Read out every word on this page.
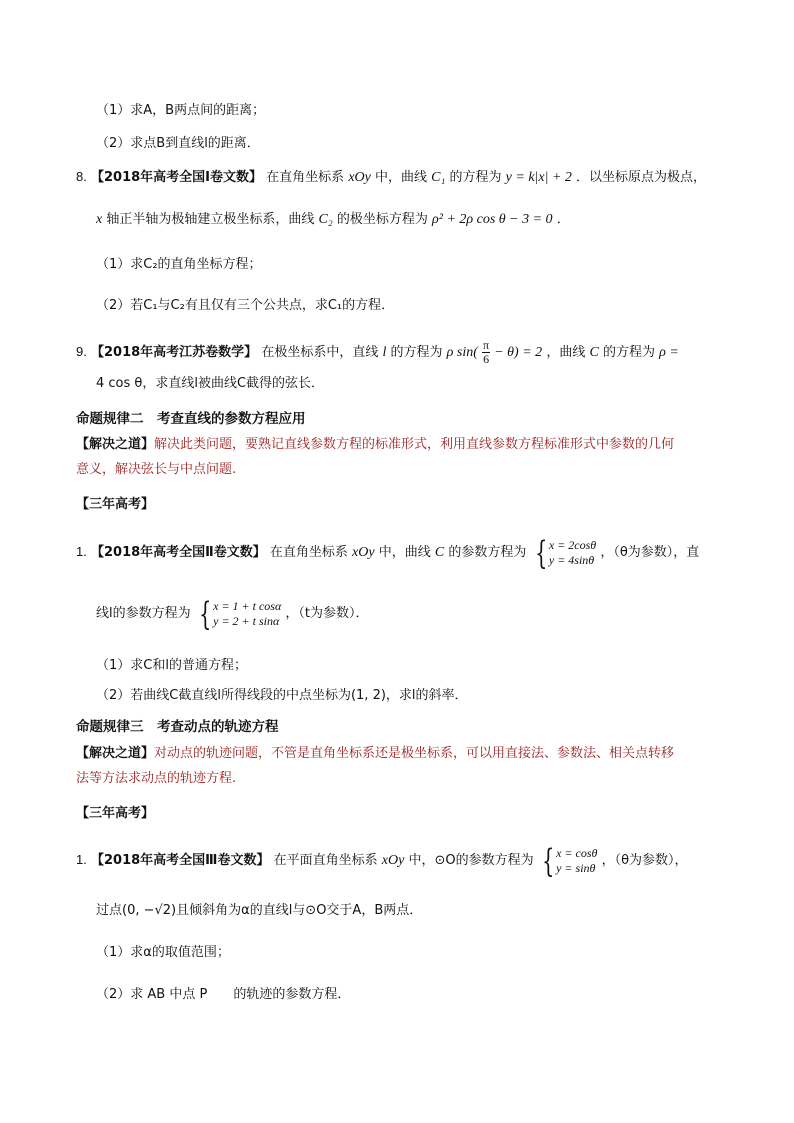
（1）求A，B两点间的距离；
（2）求点B到直线l的距离．
8. 【2018年高考全国Ⅰ卷文数】 在直角坐标系 xOy 中，曲线 C₁ 的方程为 y = k|x| + 2 ．以坐标原点为极点，
x 轴正半轴为极轴建立极坐标系，曲线 C₂ 的极坐标方程为 ρ² + 2ρ cos θ − 3 = 0 ．
（1）求C₂的直角坐标方程；
（2）若C₁与C₂有且仅有三个公共点，求C₁的方程．
9. 【2018年高考江苏卷数学】 在极坐标系中，直线 l 的方程为 ρ $\sin( \frac{\pi}{6} - \theta) = 2$ ，曲线 C 的方程为 ρ =
4 cos θ，求直线l被曲线C截得的弦长．
命题规律二　考查直线的参数方程应用
【解决之道】解决此类问题，要熟记直线参数方程的标准形式，利用直线参数方程标准形式中参数的几何
意义，解决弦长与中点问题.
【三年高考】
1. 【2018年高考全国Ⅱ卷文数】 在直角坐标系 xOy 中，曲线 C 的参数方程为 { x = 2cosθ
y = 4sinθ ，（θ为参数），直
线l的参数方程为 { x = 1 + t cosα
y = 2 + t sinα ，（t为参数）．
（1）求C和l的普通方程；
（2）若曲线C截直线l所得线段的中点坐标为(1, 2)，求l的斜率．
命题规律三　考查动点的轨迹方程
【解决之道】对动点的轨迹问题，不管是直角坐标系还是极坐标系，可以用直接法、参数法、相关点转移
法等方法求动点的轨迹方程.
【三年高考】
1. 【2018年高考全国Ⅲ卷文数】 在平面直角坐标系 xOy 中，⊙O的参数方程为 { x = cosθ
y = sinθ ，（θ为参数），
过点(0, −√2)且倾斜角为α的直线l与⊙O交于A，B两点．
（1）求α的取值范围；
（2）求 AB 中点 P　　的轨迹的参数方程．
